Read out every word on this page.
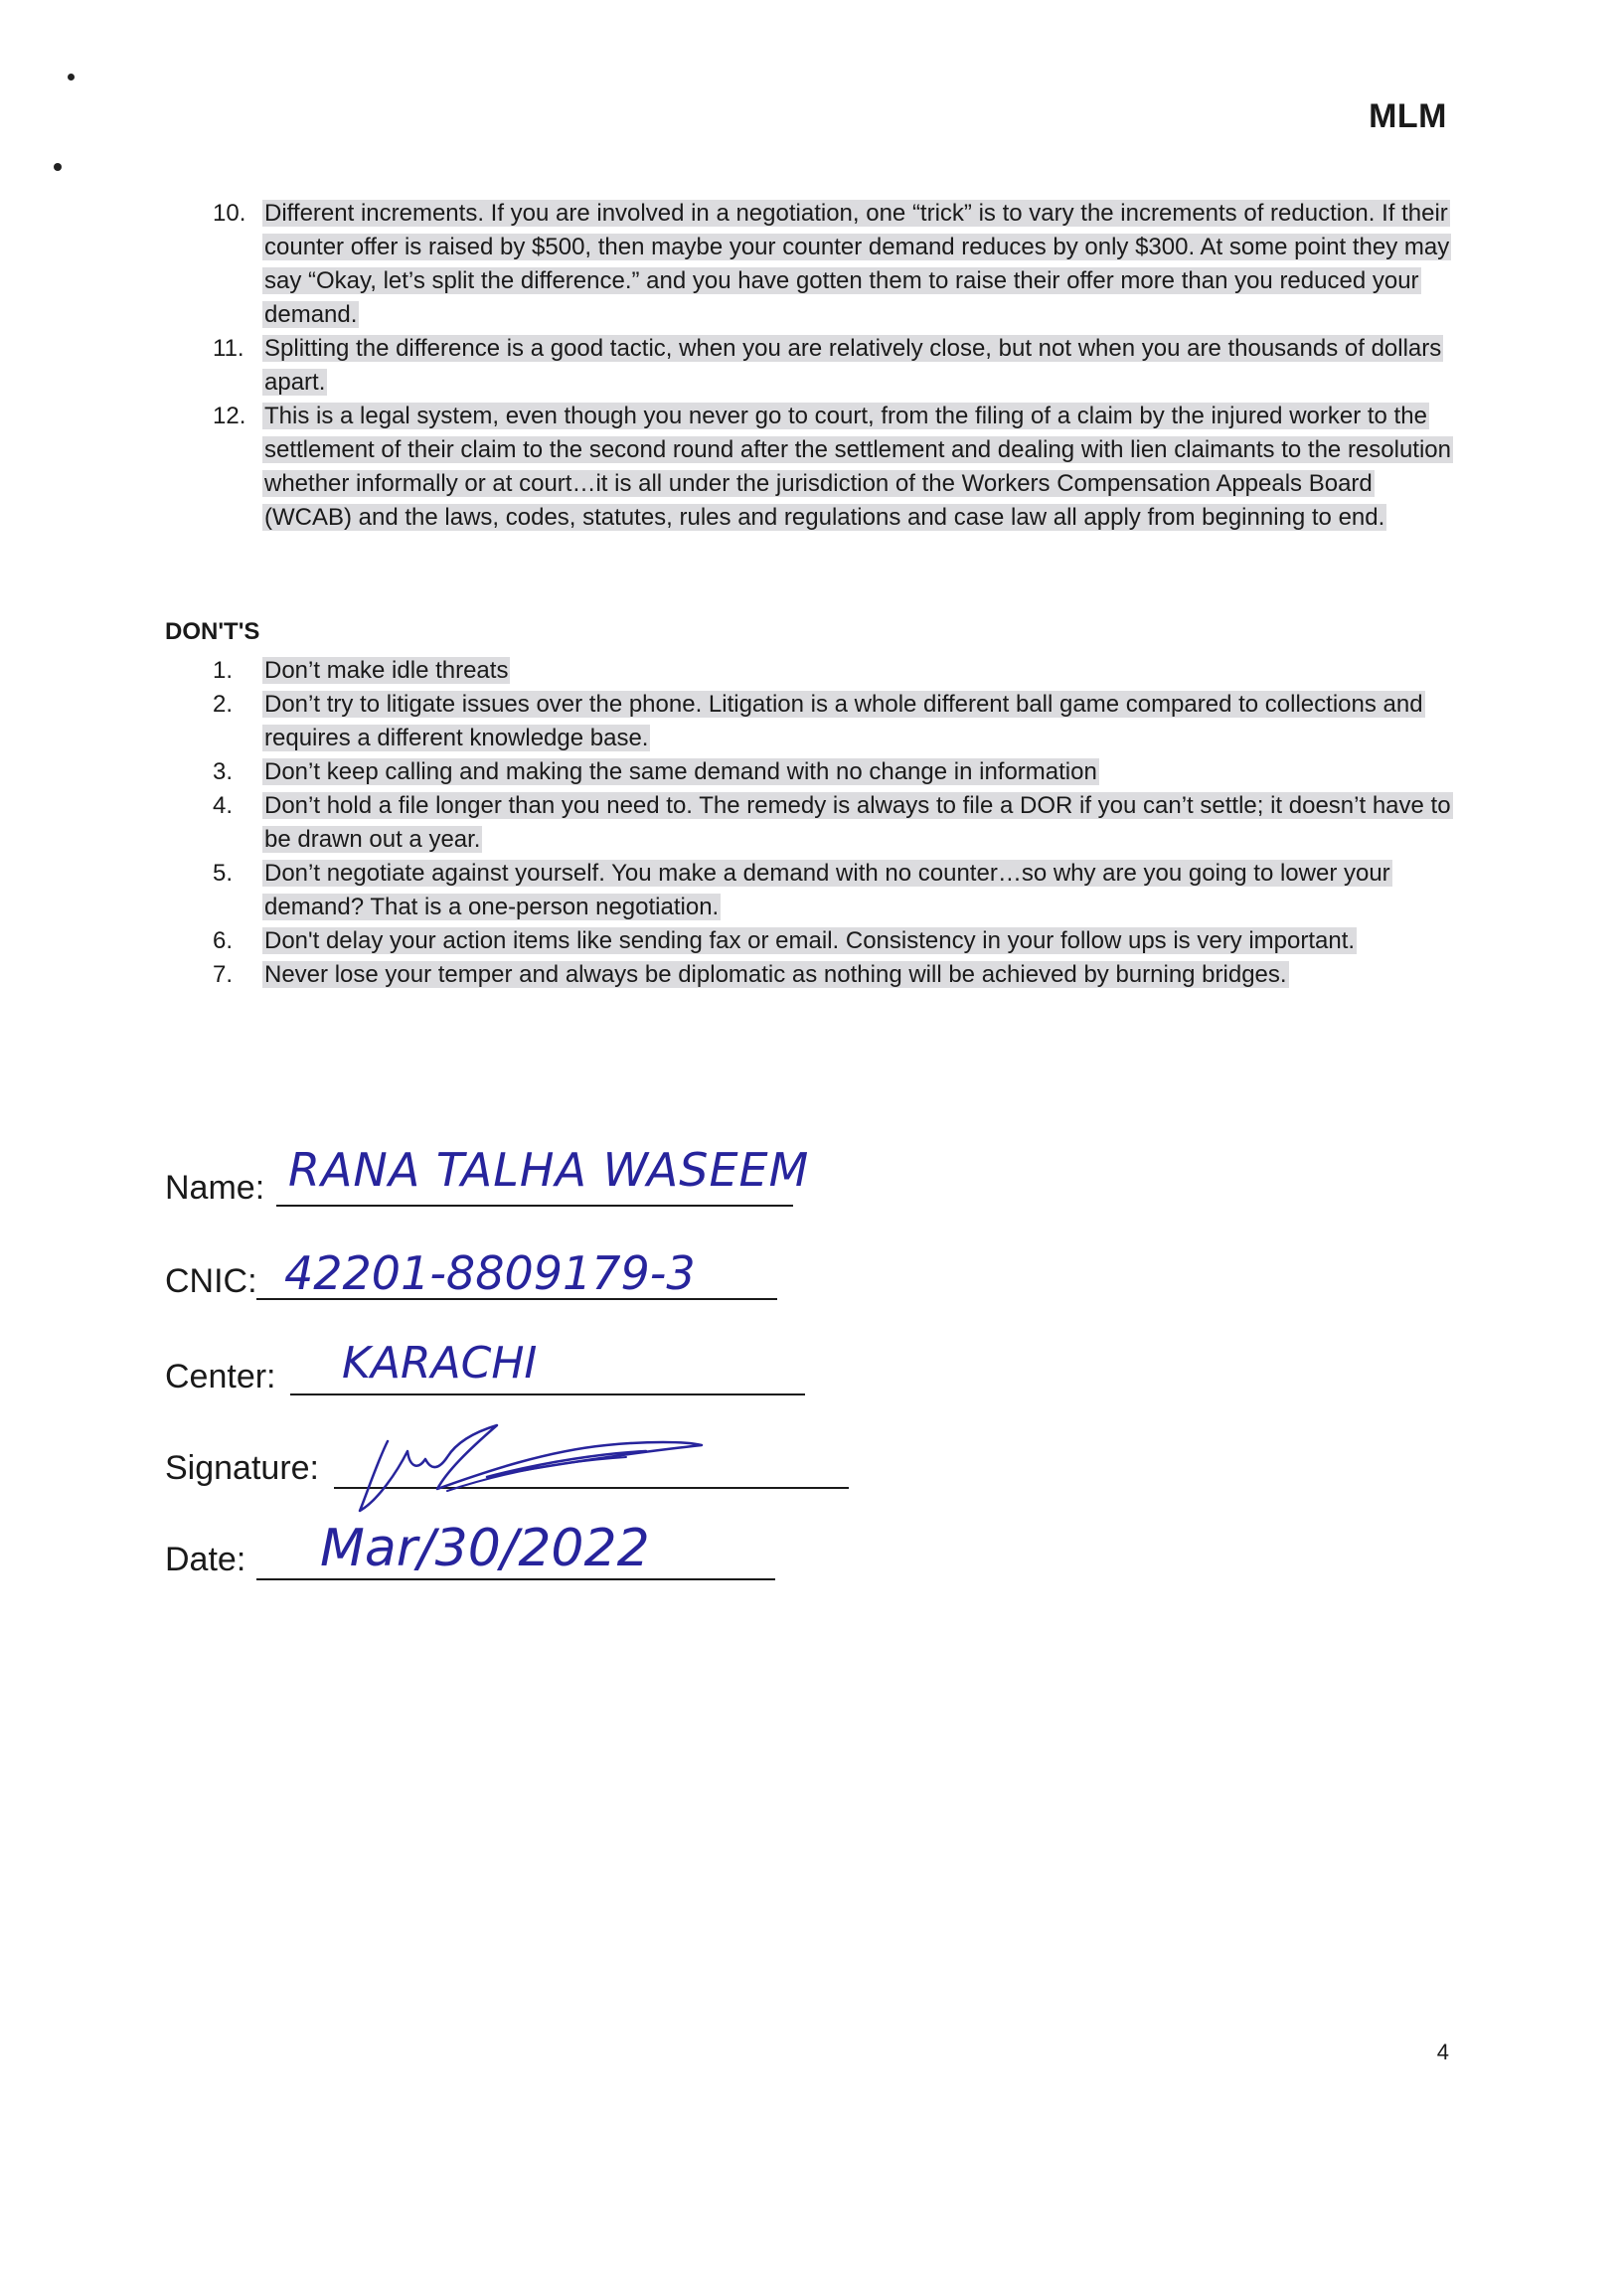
MLM
10. Different increments. If you are involved in a negotiation, one “trick” is to vary the increments of reduction. If their counter offer is raised by $500, then maybe your counter demand reduces by only $300. At some point they may say “Okay, let’s split the difference.” and you have gotten them to raise their offer more than you reduced your demand.
11. Splitting the difference is a good tactic, when you are relatively close, but not when you are thousands of dollars apart.
12. This is a legal system, even though you never go to court, from the filing of a claim by the injured worker to the settlement of their claim to the second round after the settlement and dealing with lien claimants to the resolution whether informally or at court…it is all under the jurisdiction of the Workers Compensation Appeals Board (WCAB) and the laws, codes, statutes, rules and regulations and case law all apply from beginning to end.
DON'T'S
1. Don’t make idle threats
2. Don’t try to litigate issues over the phone. Litigation is a whole different ball game compared to collections and requires a different knowledge base.
3. Don’t keep calling and making the same demand with no change in information
4. Don’t hold a file longer than you need to. The remedy is always to file a DOR if you can’t settle; it doesn’t have to be drawn out a year.
5. Don’t negotiate against yourself. You make a demand with no counter…so why are you going to lower your demand? That is a one-person negotiation.
6. Don't delay your action items like sending fax or email. Consistency in your follow ups is very important.
7. Never lose your temper and always be diplomatic as nothing will be achieved by burning bridges.
Name: RANA TALHA WASEEM
CNIC: 42201-8809179-3
Center: KARACHI
Signature:
Date: Mar/30/2022
4
